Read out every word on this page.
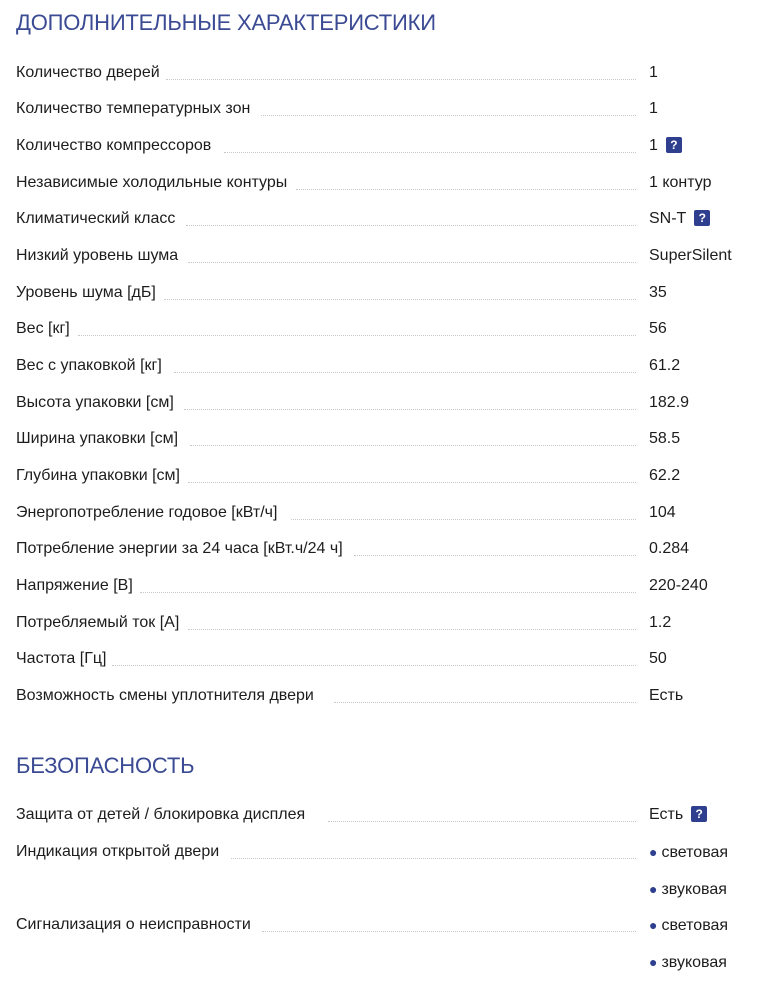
ДОПОЛНИТЕЛЬНЫЕ ХАРАКТЕРИСТИКИ
Количество дверей	1
Количество температурных зон	1
Количество компрессоров	1 ?
Независимые холодильные контуры	1 контур
Климатический класс	SN-T ?
Низкий уровень шума	SuperSilent
Уровень шума [дБ]	35
Вес [кг]	56
Вес с упаковкой [кг]	61.2
Высота упаковки [см]	182.9
Ширина упаковки [см]	58.5
Глубина упаковки [см]	62.2
Энергопотребление годовое [кВт/ч]	104
Потребление энергии за 24 часа [кВт.ч/24 ч]	0.284
Напряжение [В]	220-240
Потребляемый ток [А]	1.2
Частота [Гц]	50
Возможность смены уплотнителя двери	Есть
БЕЗОПАСНОСТЬ
Защита от детей / блокировка дисплея	Есть ?
Индикация открытой двери	● световая
● звуковая
Сигнализация о неисправности	● световая
● звуковая
